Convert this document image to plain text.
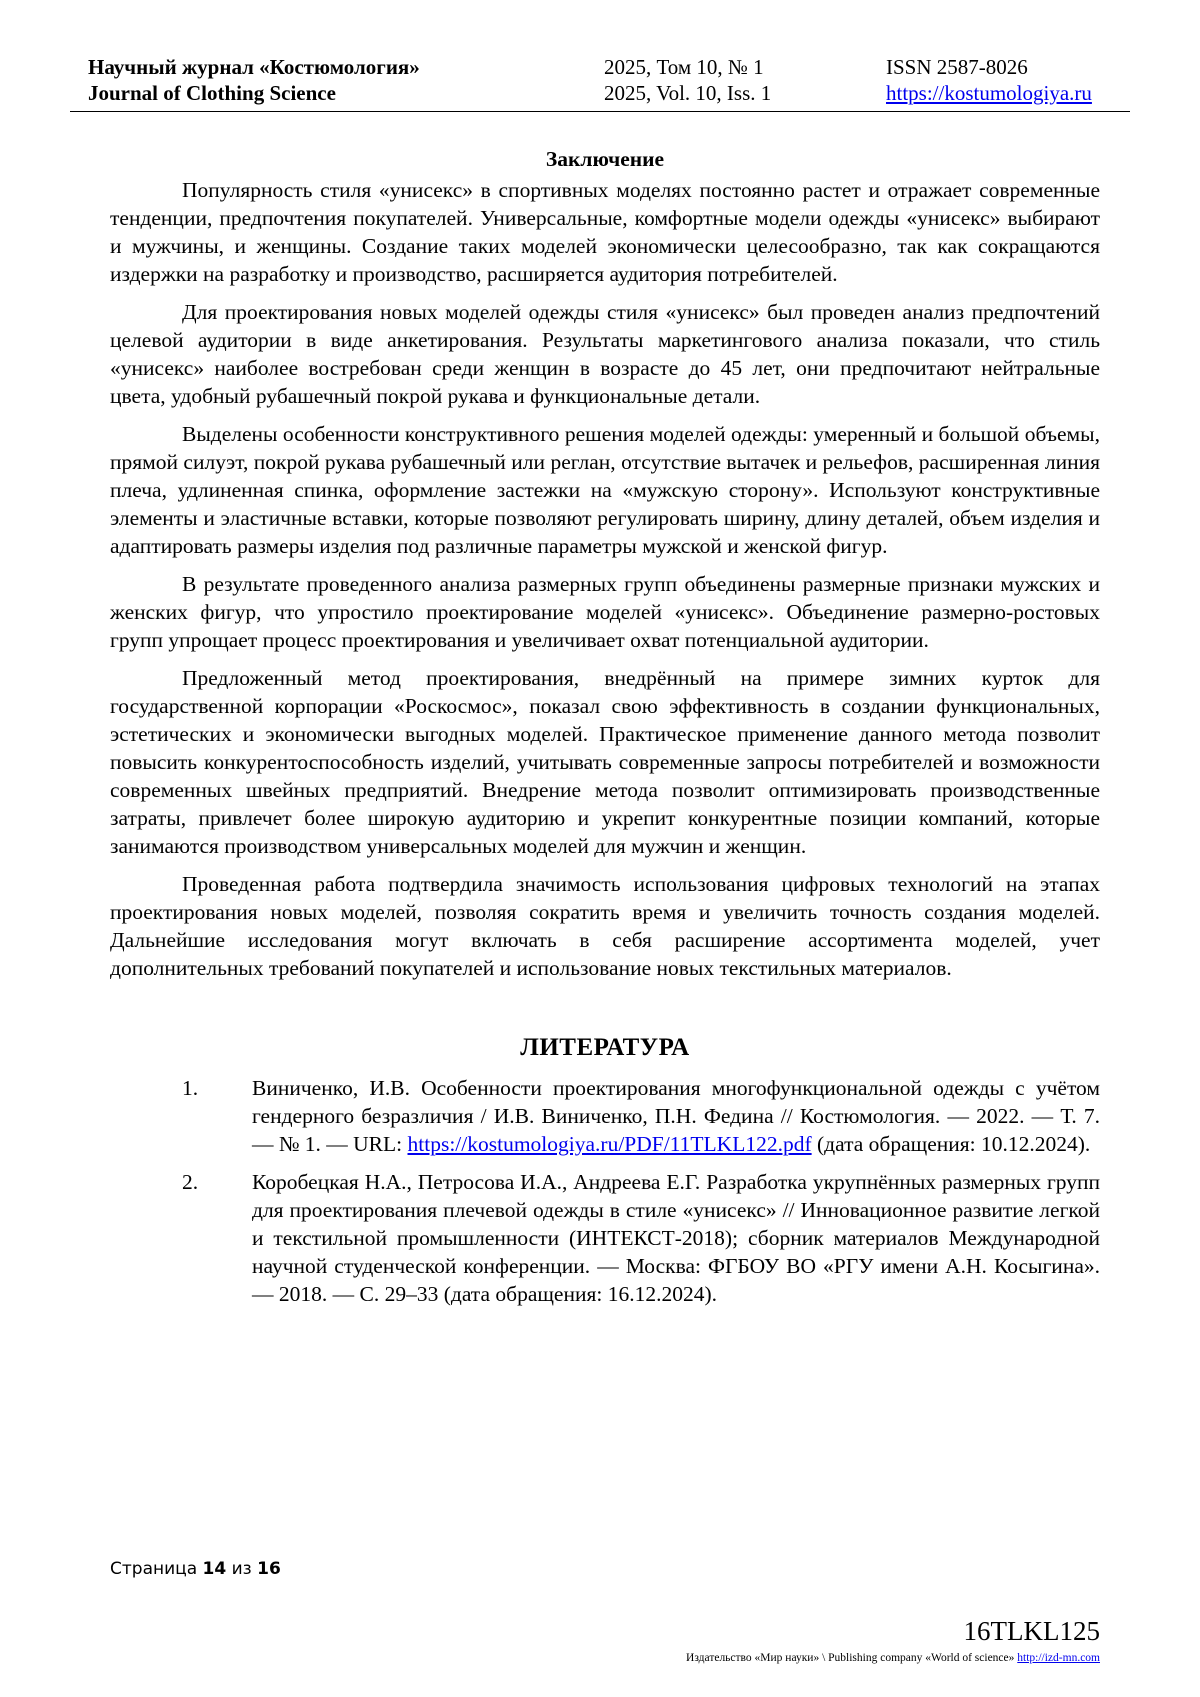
Научный журнал «Костюмология»
Journal of Clothing Science
2025, Том 10, № 1
2025, Vol. 10, Iss. 1
ISSN 2587-8026
https://kostumologiya.ru
Заключение

Популярность стиля «унисекс» в спортивных моделях постоянно растет и отражает современные тенденции, предпочтения покупателей. Универсальные, комфортные модели одежды «унисекс» выбирают и мужчины, и женщины. Создание таких моделей экономически целесообразно, так как сокращаются издержки на разработку и производство, расширяется аудитория потребителей.

Для проектирования новых моделей одежды стиля «унисекс» был проведен анализ предпочтений целевой аудитории в виде анкетирования. Результаты маркетингового анализа показали, что стиль «унисекс» наиболее востребован среди женщин в возрасте до 45 лет, они предпочитают нейтральные цвета, удобный рубашечный покрой рукава и функциональные детали.

Выделены особенности конструктивного решения моделей одежды: умеренный и большой объемы, прямой силуэт, покрой рукава рубашечный или реглан, отсутствие вытачек и рельефов, расширенная линия плеча, удлиненная спинка, оформление застежки на «мужскую сторону». Используют конструктивные элементы и эластичные вставки, которые позволяют регулировать ширину, длину деталей, объем изделия и адаптировать размеры изделия под различные параметры мужской и женской фигур.

В результате проведенного анализа размерных групп объединены размерные признаки мужских и женских фигур, что упростило проектирование моделей «унисекс». Объединение размерно-ростовых групп упрощает процесс проектирования и увеличивает охват потенциальной аудитории.

Предложенный метод проектирования, внедрённый на примере зимних курток для государственной корпорации «Роскосмос», показал свою эффективность в создании функциональных, эстетических и экономически выгодных моделей. Практическое применение данного метода позволит повысить конкурентоспособность изделий, учитывать современные запросы потребителей и возможности современных швейных предприятий. Внедрение метода позволит оптимизировать производственные затраты, привлечет более широкую аудиторию и укрепит конкурентные позиции компаний, которые занимаются производством универсальных моделей для мужчин и женщин.

Проведенная работа подтвердила значимость использования цифровых технологий на этапах проектирования новых моделей, позволяя сократить время и увеличить точность создания моделей. Дальнейшие исследования могут включать в себя расширение ассортимента моделей, учет дополнительных требований покупателей и использование новых текстильных материалов.

ЛИТЕРАТУРА
1.	Виниченко, И.В. Особенности проектирования многофункциональной одежды с учётом гендерного безразличия / И.В. Виниченко, П.Н. Федина // Костюмология. — 2022. — Т. 7. — № 1. — URL: https://kostumologiya.ru/PDF/11TLKL122.pdf (дата обращения: 10.12.2024).
2.	Коробецкая Н.А., Петросова И.А., Андреева Е.Г. Разработка укрупнённых размерных групп для проектирования плечевой одежды в стиле «унисекс» // Инновационное развитие легкой и текстильной промышленности (ИНТЕКСТ-2018); сборник материалов Международной научной студенческой конференции. — Москва: ФГБОУ ВО «РГУ имени А.Н. Косыгина». — 2018. — С. 29–33 (дата обращения: 16.12.2024).
Страница 14 из 16
16TLKL125
Издательство «Мир науки» \ Publishing company «World of science» http://izd-mn.com
